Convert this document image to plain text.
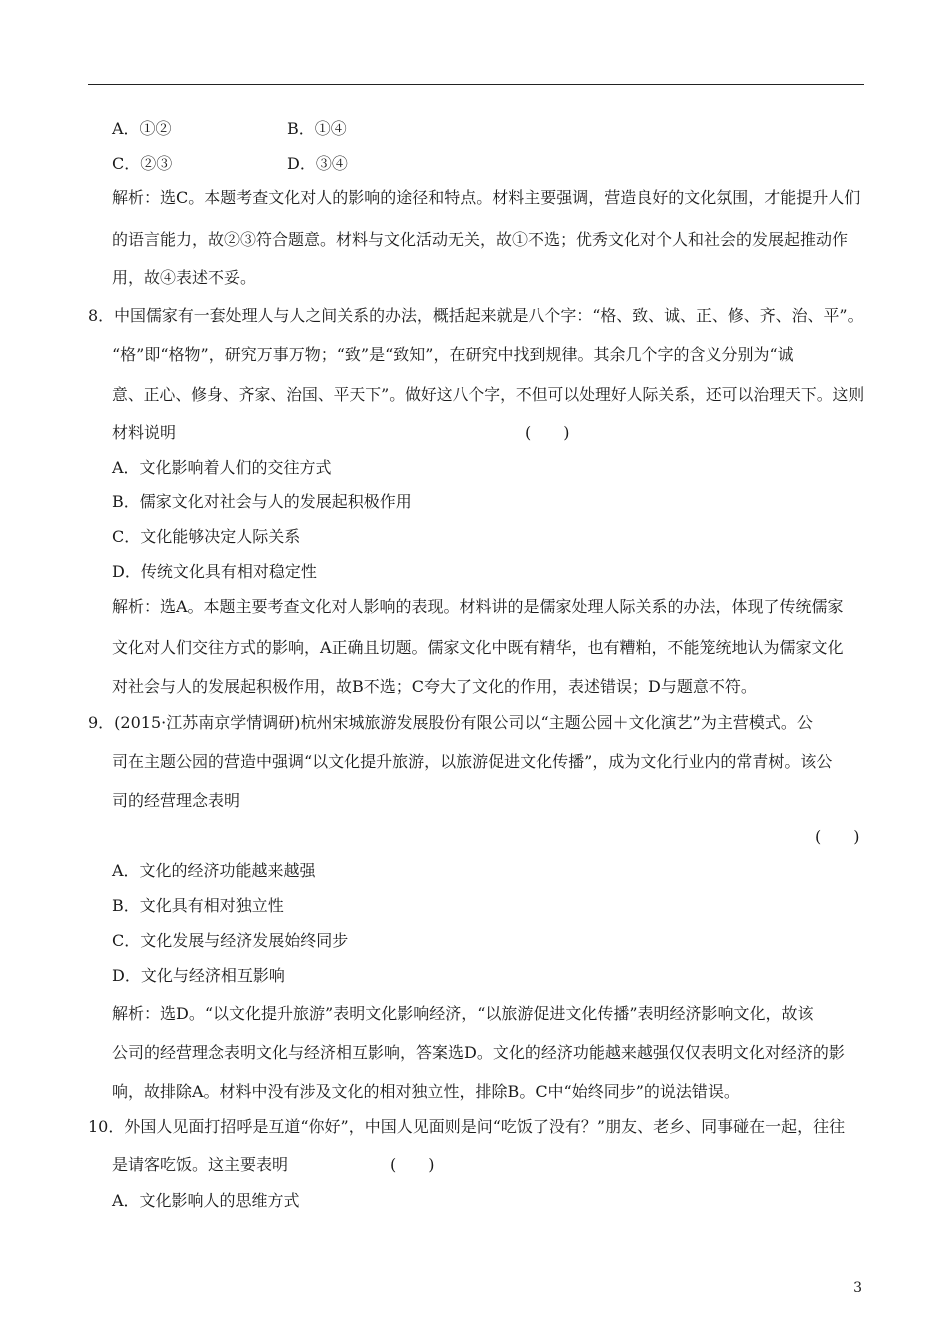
A．①②	B．①④
C．②③	D．③④
解析：选C。本题考查文化对人的影响的途径和特点。材料主要强调，营造良好的文化氛围，才能提升人们
的语言能力，故②③符合题意。材料与文化活动无关，故①不选；优秀文化对个人和社会的发展起推动作
用，故④表述不妥。
8．中国儒家有一套处理人与人之间关系的办法，概括起来就是八个字：“格、致、诚、正、修、齐、治、平”。
“格”即“格物”，研究万事万物；“致”是“致知”，在研究中找到规律。其余几个字的含义分别为“诚
意、正心、修身、齐家、治国、平天下”。做好这八个字，不但可以处理好人际关系，还可以治理天下。这则
材料说明	(　　)
A．文化影响着人们的交往方式
B．儒家文化对社会与人的发展起积极作用
C．文化能够决定人际关系
D．传统文化具有相对稳定性
解析：选A。本题主要考查文化对人影响的表现。材料讲的是儒家处理人际关系的办法，体现了传统儒家
文化对人们交往方式的影响，A正确且切题。儒家文化中既有精华，也有糟粕，不能笼统地认为儒家文化
对社会与人的发展起积极作用，故B不选；C夸大了文化的作用，表述错误；D与题意不符。
9．(2015·江苏南京学情调研)杭州宋城旅游发展股份有限公司以“主题公园＋文化演艺”为主营模式。公
司在主题公园的营造中强调“以文化提升旅游，以旅游促进文化传播”，成为文化行业内的常青树。该公
司的经营理念表明
(　　)
A．文化的经济功能越来越强
B．文化具有相对独立性
C．文化发展与经济发展始终同步
D．文化与经济相互影响
解析：选D。“以文化提升旅游”表明文化影响经济，“以旅游促进文化传播”表明经济影响文化，故该
公司的经营理念表明文化与经济相互影响，答案选D。文化的经济功能越来越强仅仅表明文化对经济的影
响，故排除A。材料中没有涉及文化的相对独立性，排除B。C中“始终同步”的说法错误。
10．外国人见面打招呼是互道“你好”，中国人见面则是问“吃饭了没有？”朋友、老乡、同事碰在一起，往往
是请客吃饭。这主要表明	(　　)
A．文化影响人的思维方式
3
